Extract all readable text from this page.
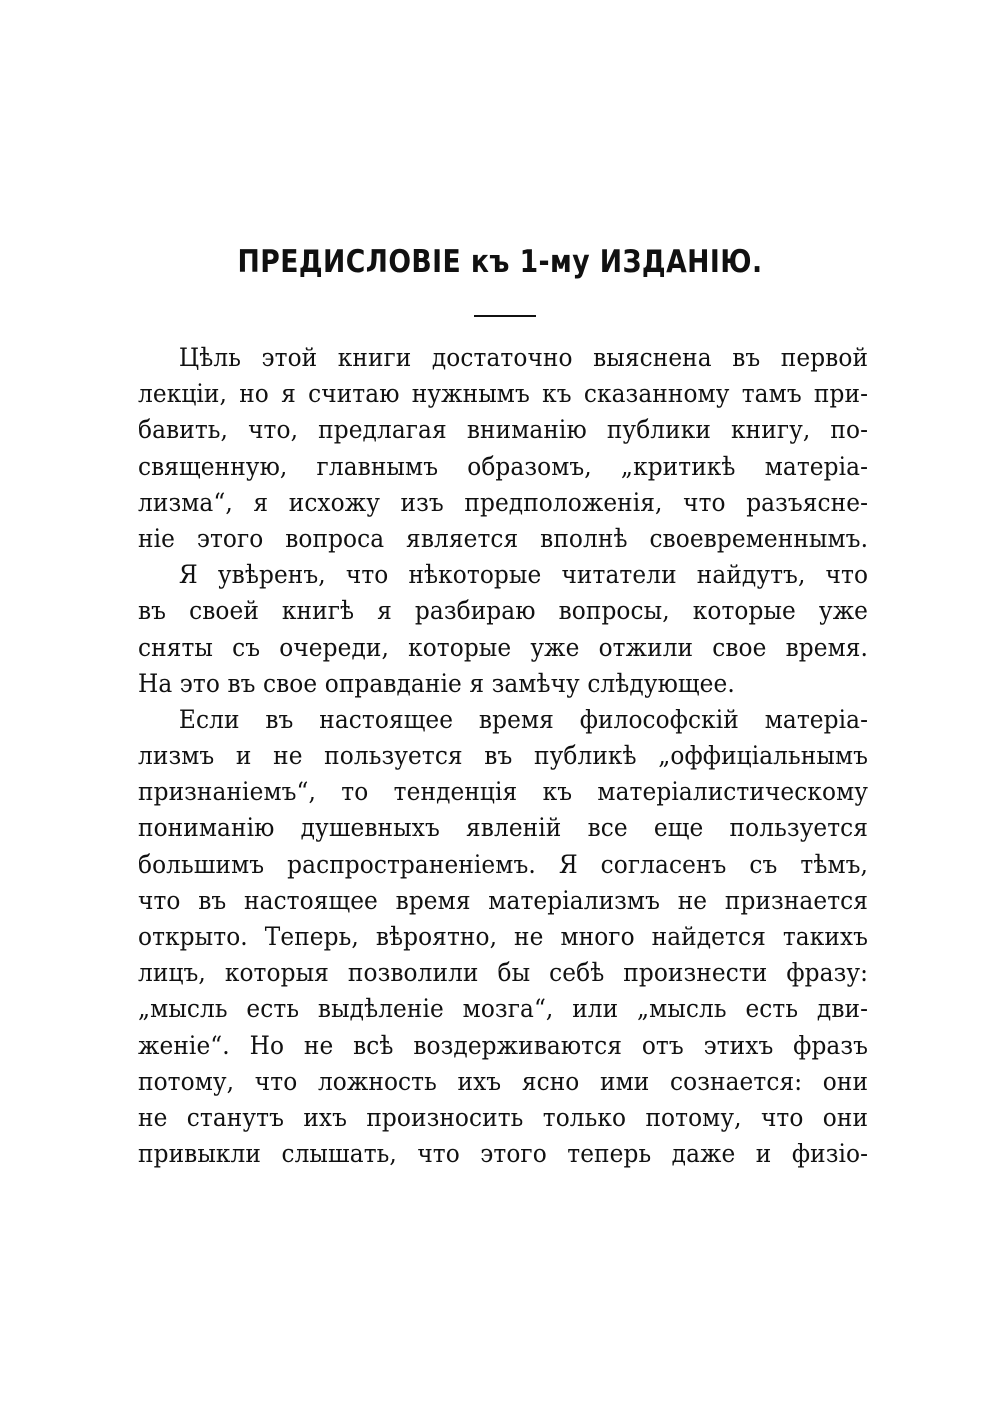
ПРЕДИСЛОВІЕ къ 1-му ИЗДАНІЮ.
Цѣль этой книги достаточно выяснена въ первой
лекціи, но я считаю нужнымъ къ сказанному тамъ при-
бавить, что, предлагая вниманію публики книгу, по-
священную, главнымъ образомъ, „критикѣ матеріа-
лизма“, я исхожу изъ предположенія, что разъясне-
ніе этого вопроса является вполнѣ своевременнымъ.
Я увѣренъ, что нѣкоторые читатели найдутъ, что
въ своей книгѣ я разбираю вопросы, которые уже
сняты съ очереди, которые уже отжили свое время.
На это въ свое оправданіе я замѣчу слѣдующее.
Если въ настоящее время философскій матеріа-
лизмъ и не пользуется въ публикѣ „оффиціальнымъ
признаніемъ“, то тенденція къ матеріалистическому
пониманію душевныхъ явленій все еще пользуется
большимъ распространеніемъ. Я согласенъ съ тѣмъ,
что въ настоящее время матеріализмъ не признается
открыто. Теперь, вѣроятно, не много найдется такихъ
лицъ, которыя позволили бы себѣ произнести фразу:
„мысль есть выдѣленіе мозга“, или „мысль есть дви-
женіе“. Но не всѣ воздерживаются отъ этихъ фразъ
потому, что ложность ихъ ясно ими сознается: они
не станутъ ихъ произносить только потому, что они
привыкли слышать, что этого теперь даже и физіо-
